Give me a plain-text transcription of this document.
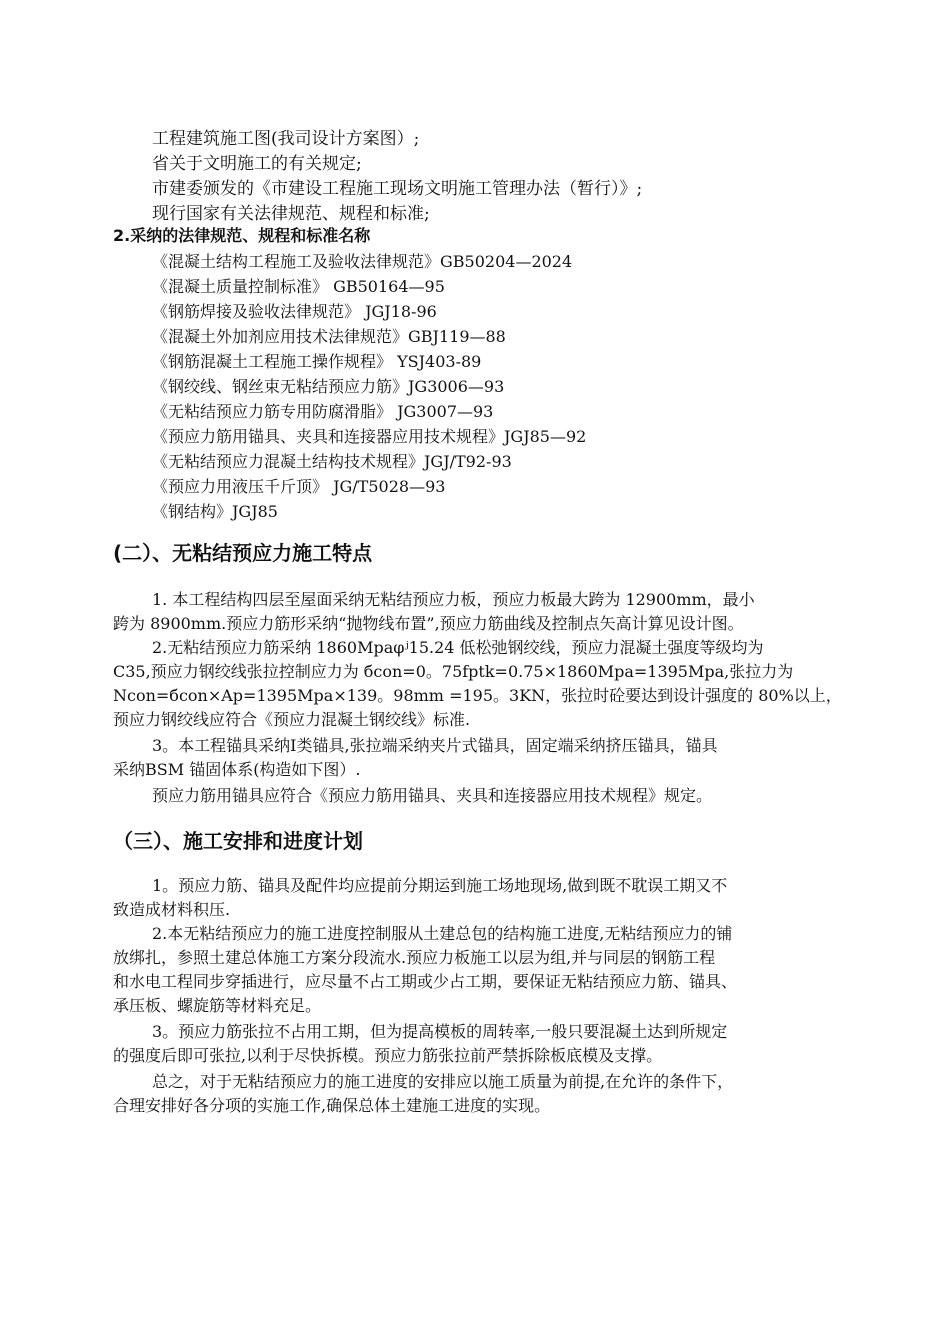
工程建筑施工图(我司设计方案图）;
省关于文明施工的有关规定;
市建委颁发的《市建设工程施工现场文明施工管理办法（暂行）》;
现行国家有关法律规范、规程和标准;
2.采纳的法律规范、规程和标准名称
《混凝土结构工程施工及验收法律规范》GB50204—2024
《混凝土质量控制标准》 GB50164—95
《钢筋焊接及验收法律规范》 JGJ18-96
《混凝土外加剂应用技术法律规范》GBJ119—88
《钢筋混凝土工程施工操作规程》 YSJ403-89
《钢绞线、钢丝束无粘结预应力筋》JG3006—93
《无粘结预应力筋专用防腐滑脂》 JG3007—93
《预应力筋用锚具、夹具和连接器应用技术规程》JGJ85—92
《无粘结预应力混凝土结构技术规程》JGJ/T92-93
《预应力用液压千斤顶》 JG/T5028—93
《钢结构》JGJ85
(二）、无粘结预应力施工特点
1. 本工程结构四层至屋面采纳无粘结预应力板，预应力板最大跨为 12900mm，最小
跨为 8900mm.预应力筋形采纳“抛物线布置”,预应力筋曲线及控制点矢高计算见设计图。
2.无粘结预应力筋采纳 1860Mpaφʲ15.24 低松弛钢绞线，预应力混凝土强度等级均为
C35,预应力钢绞线张拉控制应力为 бcon=0。75fptk=0.75×1860Mpa=1395Mpa,张拉力为
Ncon=бcon×Ap=1395Mpa×139。98mm =195。3KN，张拉时砼要达到设计强度的 80%以上，
预应力钢绞线应符合《预应力混凝土钢绞线》标准.
3。本工程锚具采纳Ⅰ类锚具,张拉端采纳夹片式锚具，固定端采纳挤压锚具，锚具
采纳BSM 锚固体系(构造如下图）.
预应力筋用锚具应符合《预应力筋用锚具、夹具和连接器应用技术规程》规定。
（三）、施工安排和进度计划
1。预应力筋、锚具及配件均应提前分期运到施工场地现场,做到既不耽误工期又不
致造成材料积压.
2.本无粘结预应力的施工进度控制服从土建总包的结构施工进度,无粘结预应力的铺
放绑扎，参照土建总体施工方案分段流水.预应力板施工以层为组,并与同层的钢筋工程
和水电工程同步穿插进行，应尽量不占工期或少占工期，要保证无粘结预应力筋、锚具、
承压板、螺旋筋等材料充足。
3。预应力筋张拉不占用工期，但为提高模板的周转率,一般只要混凝土达到所规定
的强度后即可张拉,以利于尽快拆模。预应力筋张拉前严禁拆除板底模及支撑。
总之，对于无粘结预应力的施工进度的安排应以施工质量为前提,在允许的条件下，
合理安排好各分项的实施工作,确保总体土建施工进度的实现。
